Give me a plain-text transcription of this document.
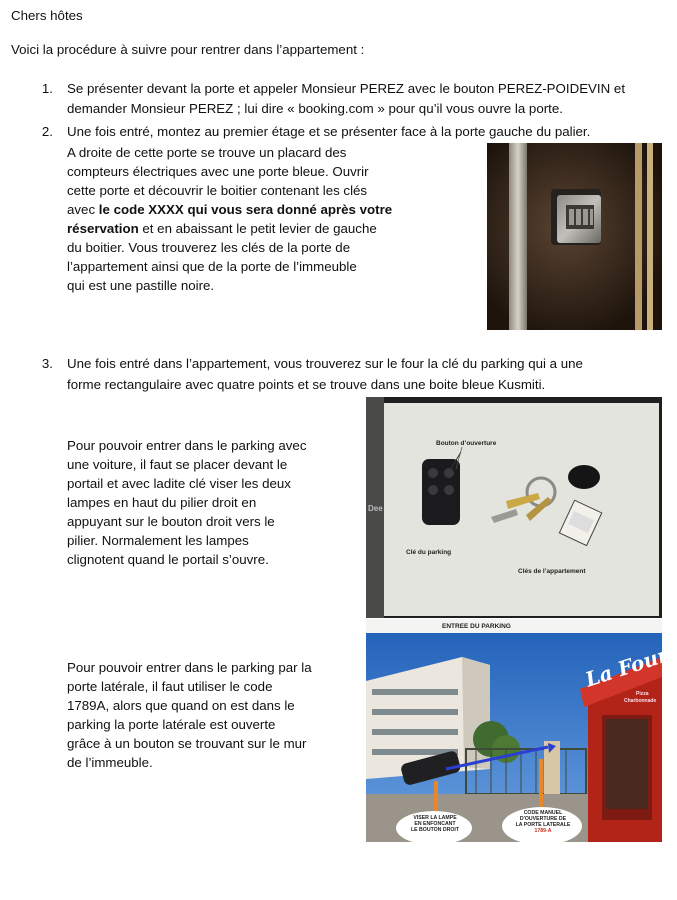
Chers hôtes
Voici la procédure à suivre pour rentrer dans l’appartement :
1. Se présenter devant la porte et appeler Monsieur PEREZ avec le bouton PEREZ-POIDEVIN et
demander Monsieur PEREZ ; lui dire « booking.com » pour qu’il vous ouvre la porte.
2. Une fois entré, montez au premier étage et se présenter face à la porte gauche du palier.
A droite de cette porte se trouve un placard des
compteurs électriques avec une porte bleue. Ouvrir
cette porte et découvrir le boitier contenant les clés
avec le code XXXX qui vous sera donné après votre
réservation et en abaissant le petit levier de gauche
du boitier. Vous trouverez les clés de la porte de
l’appartement ainsi que de la porte de l’immeuble
qui est une pastille noire.
3. Une fois entré dans l’appartement, vous trouverez sur le four la clé du parking qui a une
forme rectangulaire avec quatre points et se trouve dans une boite bleue Kusmiti.
Pour pouvoir entrer dans le parking avec
une voiture, il faut se placer devant le
portail et avec ladite clé viser les deux
lampes en haut du pilier droit en
appuyant sur le bouton droit vers le
pilier. Normalement les lampes
clignotent quand le portail s’ouvre.
Bouton d’ouverture
Clé du parking
Clés de l’appartement
Dee
Pour pouvoir entrer dans le parking par la
porte latérale, il faut utiliser le code
1789A, alors que quand on est dans le
parking la porte latérale est ouverte
grâce à un bouton se trouvant sur le mur
de l’immeuble.
ENTREE DU PARKING
La Four
Pizza
Charbonnade
VISER LA LAMPE
EN ENFONCANT
LE BOUTON DROIT
CODE MANUEL
D'OUVERTURE DE
LA PORTE LATERALE
1789-A
